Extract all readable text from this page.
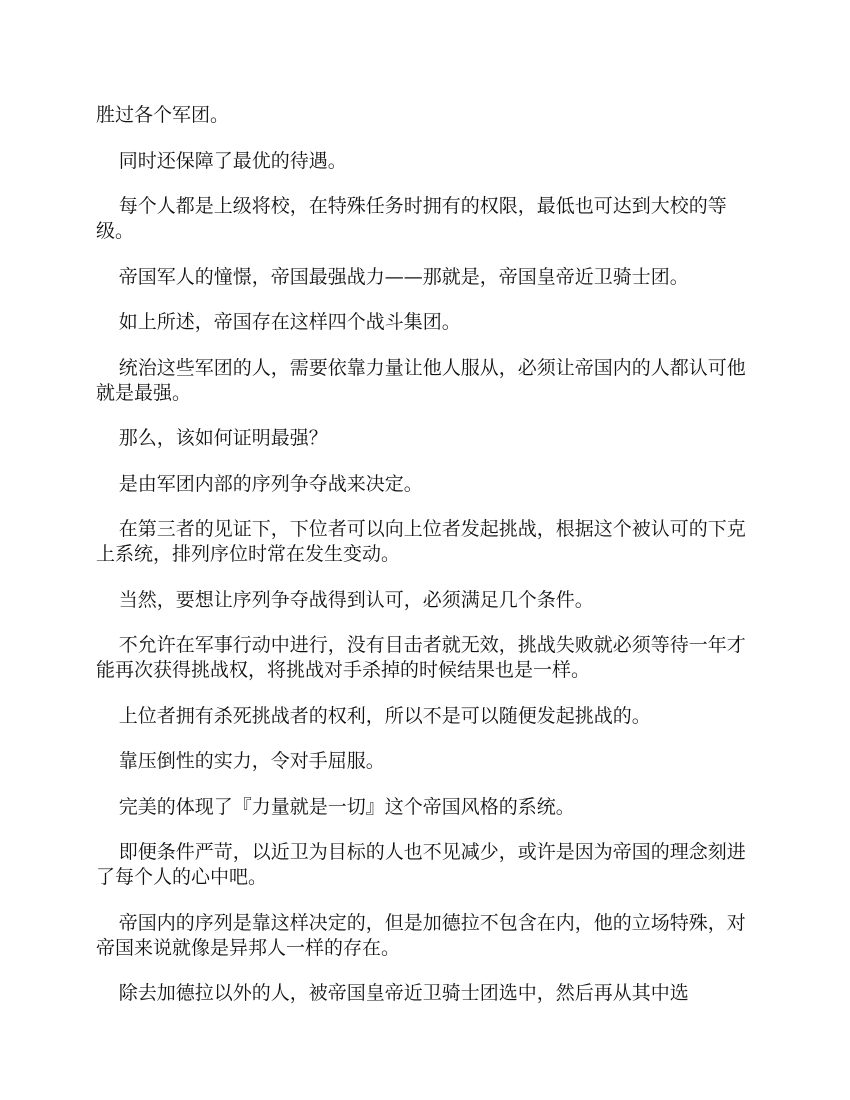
胜过各个军团。

同时还保障了最优的待遇。

每个人都是上级将校，在特殊任务时拥有的权限，最低也可达到大校的等级。

帝国军人的憧憬，帝国最强战力——那就是，帝国皇帝近卫骑士团。

如上所述，帝国存在这样四个战斗集团。

统治这些军团的人，需要依靠力量让他人服从，必须让帝国内的人都认可他就是最强。

那么，该如何证明最强？

是由军团内部的序列争夺战来决定。

在第三者的见证下，下位者可以向上位者发起挑战，根据这个被认可的下克上系统，排列序位时常在发生变动。

当然，要想让序列争夺战得到认可，必须满足几个条件。

不允许在军事行动中进行，没有目击者就无效，挑战失败就必须等待一年才能再次获得挑战权，将挑战对手杀掉的时候结果也是一样。

上位者拥有杀死挑战者的权利，所以不是可以随便发起挑战的。

靠压倒性的实力，令对手屈服。

完美的体现了『力量就是一切』这个帝国风格的系统。

即便条件严苛，以近卫为目标的人也不见减少，或许是因为帝国的理念刻进了每个人的心中吧。

帝国内的序列是靠这样决定的，但是加德拉不包含在内，他的立场特殊，对帝国来说就像是异邦人一样的存在。

除去加德拉以外的人，被帝国皇帝近卫骑士团选中，然后再从其中选
